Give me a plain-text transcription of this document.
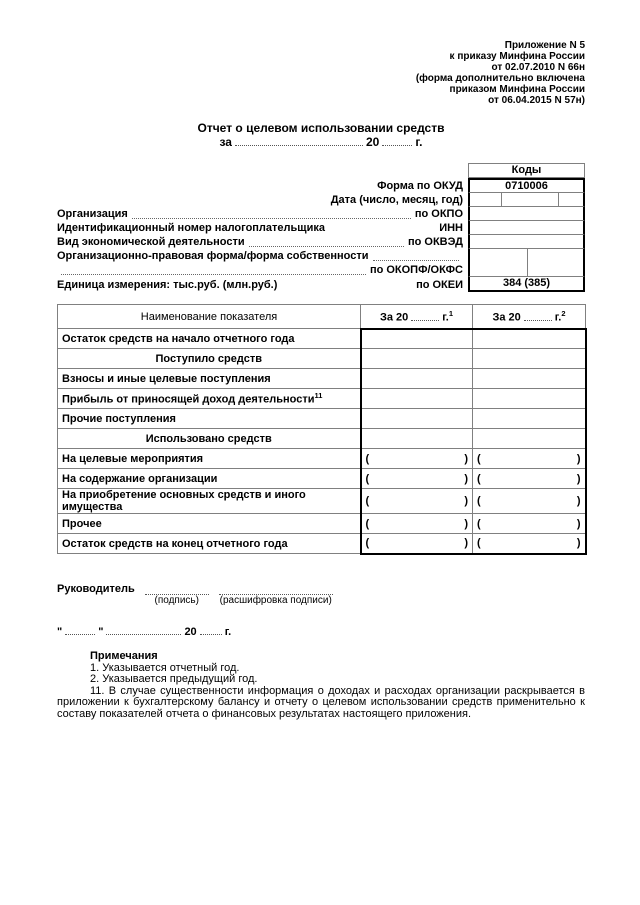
Приложение N 5
к приказу Минфина России
от 02.07.2010 N 66н
(форма дополнительно включена
приказом Минфина России
от 06.04.2015 N 57н)
Отчет о целевом использовании средств
за	20	г.
Коды
Форма по ОКУД	0710006
Дата (число, месяц, год)
Организация	по ОКПО
Идентификационный номер налогоплательщика	ИНН
Вид экономической деятельности	по ОКВЭД
Организационно-правовая форма/форма собственности
по ОКОПФ/ОКФС
Единица измерения: тыс.руб. (млн.руб.)	по ОКЕИ	384 (385)
Наименование показателя	За 20 г.$^1$	За 20 г.$^2$
Остаток средств на начало отчетного года		
Поступило средств		
Взносы и иные целевые поступления		
Прибыль от приносящей доход деятельности$^{11}$		
Прочие поступления		
Использовано средств		
На целевые мероприятия	( )	( )

На содержание организации	( )	( )

На приобретение основных средств и иного имущества	( )	( )

Прочее	( )	( )

Остаток средств на конец отчетного года	( )	( )
Руководитель
(подпись) (расшифровка подписи)
"	"	20	г.

Примечания

1. Указывается отчетный год.

2. Указывается предыдущий год.

11. В случае существенности информация о доходах и расходах организации раскрывается в приложении к бухгалтерскому балансу и отчету о целевом использовании средств применительно к составу показателей отчета о финансовых результатах настоящего приложения.
